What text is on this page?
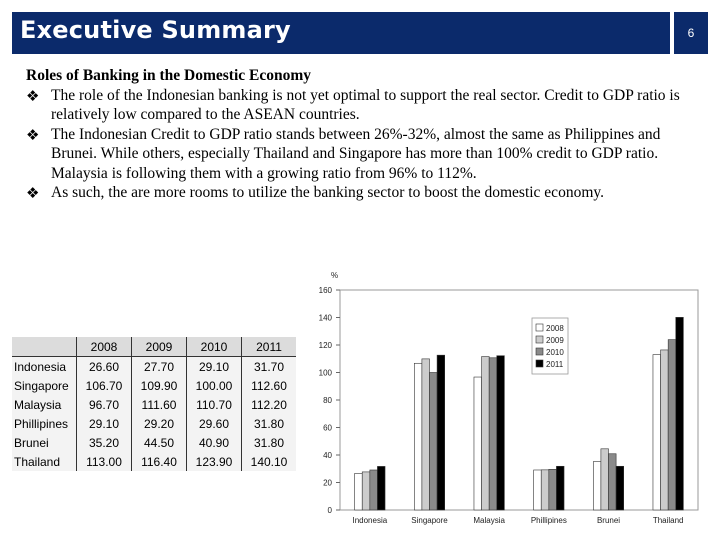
Executive Summary	6
Roles of Banking in the Domestic Economy
❖ The role of the Indonesian banking is not yet optimal to support the real sector. Credit to GDP ratio is relatively low compared to the ASEAN countries.
❖ The Indonesian Credit to GDP ratio stands between 26%-32%, almost the same as Philippines and Brunei. While others, especially Thailand and Singapore has more than 100% credit to GDP ratio. Malaysia is following them with a growing ratio from 96% to 112%.
❖ As such, the are more rooms to utilize the banking sector to boost the domestic economy.
	2008	2009	2010	2011
Indonesia	26.60	27.70	29.10	31.70
Singapore	106.70	109.90	100.00	112.60
Malaysia	96.70	111.60	110.70	112.20
Phillipines	29.10	29.20	29.60	31.80
Brunei	35.20	44.50	40.90	31.80
Thailand	113.00	116.40	123.90	140.10
0
20
40
60
80
100
120
140
160
%
Indonesia	Singapore	Malaysia	Phillipines	Brunei	Thailand
2008
2009
2010
2011
